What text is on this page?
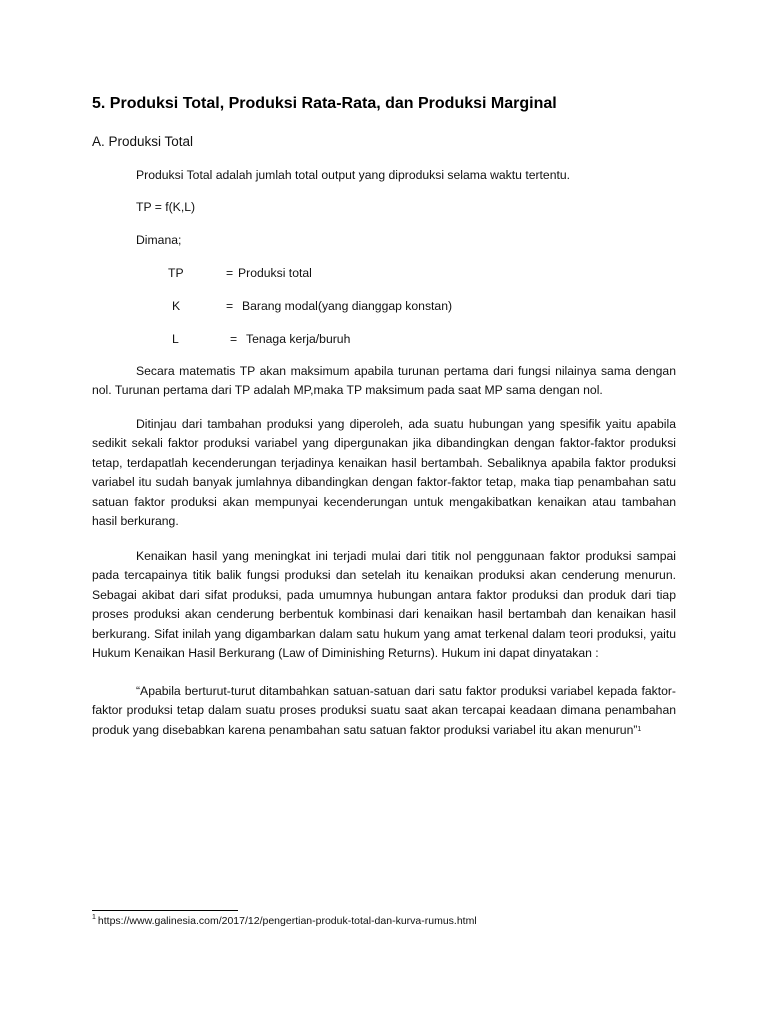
5. Produksi Total, Produksi Rata-Rata, dan Produksi Marginal
A. Produksi Total
Produksi Total adalah jumlah total output yang diproduksi selama waktu tertentu.
TP = f(K,L)
Dimana;
TP	= Produksi total
K	= Barang modal(yang dianggap konstan)
L	= Tenaga kerja/buruh

Secara matematis TP akan maksimum apabila turunan pertama dari fungsi nilainya sama dengan nol. Turunan pertama dari TP adalah MP,maka TP maksimum pada saat MP sama dengan nol.

Ditinjau dari tambahan produksi yang diperoleh, ada suatu hubungan yang spesifik yaitu apabila sedikit sekali faktor produksi variabel yang dipergunakan jika dibandingkan dengan faktor-faktor produksi tetap, terdapatlah kecenderungan terjadinya kenaikan hasil bertambah. Sebaliknya apabila faktor produksi variabel itu sudah banyak jumlahnya dibandingkan dengan faktor-faktor tetap, maka tiap penambahan satu satuan faktor produksi akan mempunyai kecenderungan untuk mengakibatkan kenaikan atau tambahan hasil berkurang.

Kenaikan hasil yang meningkat ini terjadi mulai dari titik nol penggunaan faktor produksi sampai pada tercapainya titik balik fungsi produksi dan setelah itu kenaikan produksi akan cenderung menurun. Sebagai akibat dari sifat produksi, pada umumnya hubungan antara faktor produksi dan produk dari tiap proses produksi akan cenderung berbentuk kombinasi dari kenaikan hasil bertambah dan kenaikan hasil berkurang. Sifat inilah yang digambarkan dalam satu hukum yang amat terkenal dalam teori produksi, yaitu Hukum Kenaikan Hasil Berkurang (Law of Diminishing Returns). Hukum ini dapat dinyatakan :

“Apabila berturut-turut ditambahkan satuan-satuan dari satu faktor produksi variabel kepada faktor-faktor produksi tetap dalam suatu proses produksi suatu saat akan tercapai keadaan dimana penambahan produk yang disebabkan karena penambahan satu satuan faktor produksi variabel itu akan menurun”$^1$

$^1$ https://www.galinesia.com/2017/12/pengertian-produk-total-dan-kurva-rumus.html
